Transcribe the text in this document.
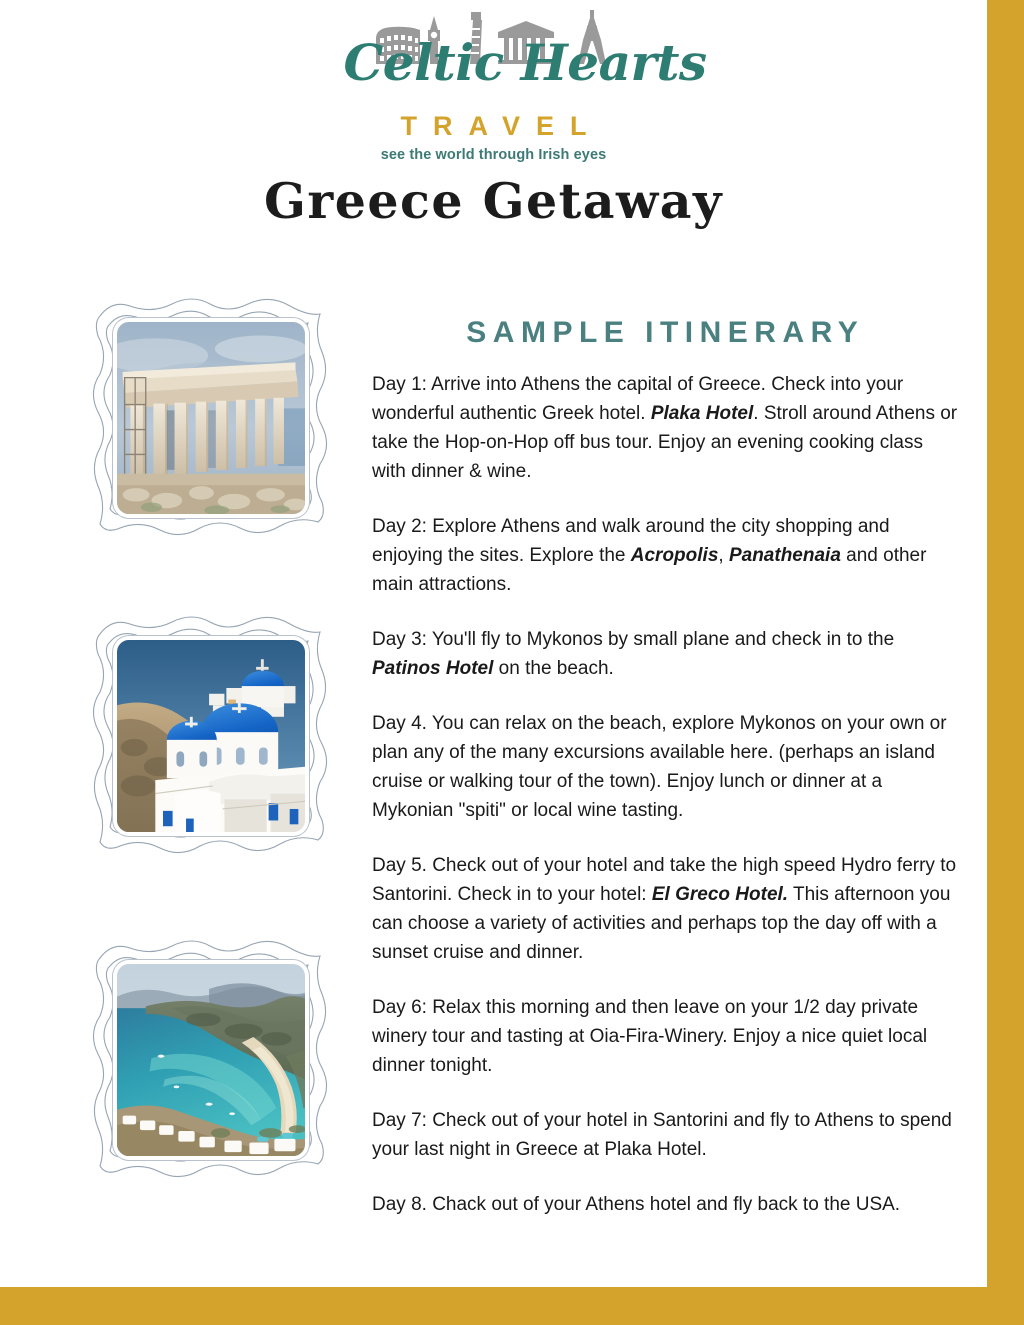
Celtic Hearts
TRAVEL
see the world through Irish eyes
Greece Getaway
SAMPLE ITINERARY

Day 1: Arrive into Athens the capital of Greece. Check into your wonderful authentic Greek hotel. Plaka Hotel. Stroll around Athens or take the Hop-on-Hop off bus tour. Enjoy an evening cooking class with dinner & wine.

Day 2: Explore Athens and walk around the city shopping and enjoying the sites. Explore the Acropolis, Panathenaia and other main attractions.

Day 3: You'll fly to Mykonos by small plane and check in to the Patinos Hotel on the beach.

Day 4. You can relax on the beach, explore Mykonos on your own or plan any of the many excursions available here. (perhaps an island cruise or walking tour of the town). Enjoy lunch or dinner at a Mykonian "spiti" or local wine tasting.

Day 5. Check out of your hotel and take the high speed Hydro ferry to Santorini. Check in to your hotel: El Greco Hotel. This afternoon you can choose a variety of activities and perhaps top the day off with a sunset cruise and dinner.

Day 6: Relax this morning and then leave on your 1/2 day private winery tour and tasting at Oia-Fira-Winery. Enjoy a nice quiet local dinner tonight.

Day 7: Check out of your hotel in Santorini and fly to Athens to spend your last night in Greece at Plaka Hotel.

Day 8. Chack out of your Athens hotel and fly back to the USA.
